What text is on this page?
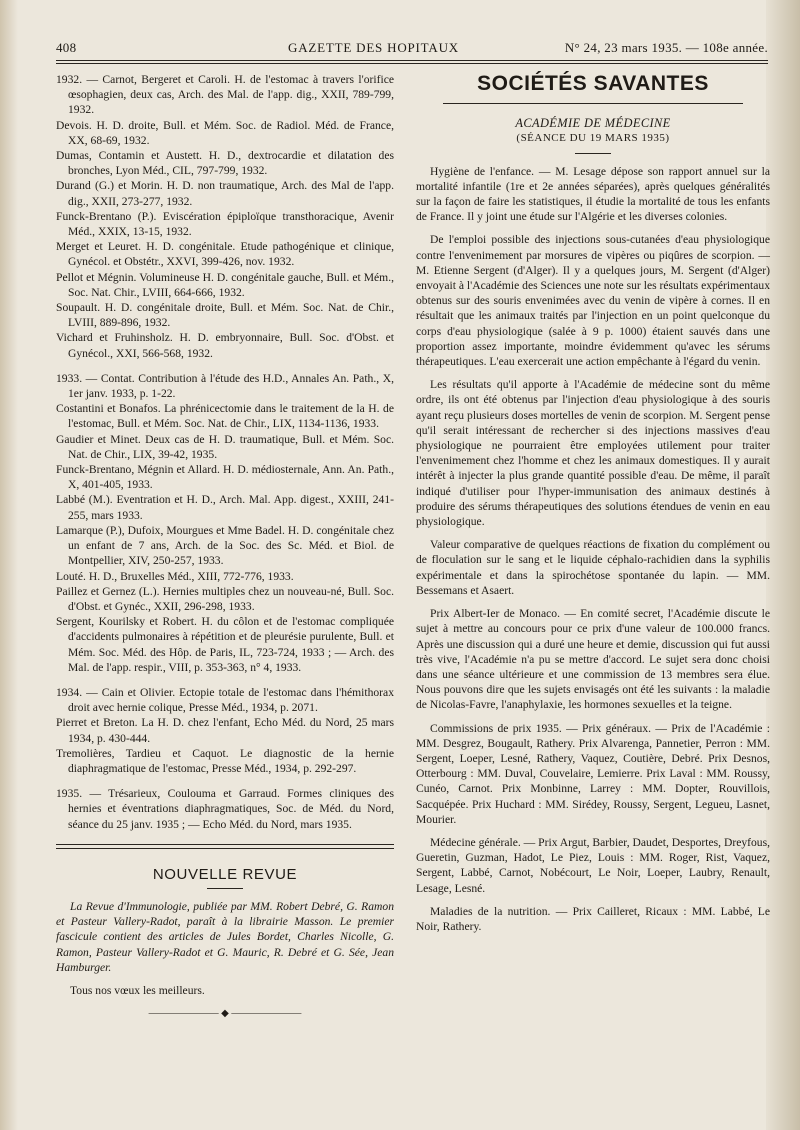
408	GAZETTE DES HOPITAUX	N° 24, 23 mars 1935. — 108e année.

1932. — Carnot, Bergeret et Caroli. H. de l'estomac à travers l'orifice œsophagien, deux cas, Arch. des Mal. de l'app. dig., XXII, 789-799, 1932.

Devois. H. D. droite, Bull. et Mém. Soc. de Radiol. Méd. de France, XX, 68-69, 1932.

Dumas, Contamin et Austett. H. D., dextrocardie et dilatation des bronches, Lyon Méd., CIL, 797-799, 1932.

Durand (G.) et Morin. H. D. non traumatique, Arch. des Mal de l'app. dig., XXII, 273-277, 1932.

Funck-Brentano (P.). Eviscération épiploïque transthoracique, Avenir Méd., XXIX, 13-15, 1932.

Merget et Leuret. H. D. congénitale. Etude pathogénique et clinique, Gynécol. et Obstétr., XXVI, 399-426, nov. 1932.

Pellot et Mégnin. Volumineuse H. D. congénitale gauche, Bull. et Mém., Soc. Nat. Chir., LVIII, 664-666, 1932.

Soupault. H. D. congénitale droite, Bull. et Mém. Soc. Nat. de Chir., LVIII, 889-896, 1932.

Vichard et Fruhinsholz. H. D. embryonnaire, Bull. Soc. d'Obst. et Gynécol., XXI, 566-568, 1932.

1933. — Contat. Contribution à l'étude des H.D., Annales An. Path., X, 1er janv. 1933, p. 1-22.

Costantini et Bonafos. La phrénicectomie dans le traitement de la H. de l'estomac, Bull. et Mém. Soc. Nat. de Chir., LIX, 1134-1136, 1933.

Gaudier et Minet. Deux cas de H. D. traumatique, Bull. et Mém. Soc. Nat. de Chir., LIX, 39-42, 1935.

Funck-Brentano, Mégnin et Allard. H. D. médiosternale, Ann. An. Path., X, 401-405, 1933.

Labbé (M.). Eventration et H. D., Arch. Mal. App. digest., XXIII, 241-255, mars 1933.

Lamarque (P.), Dufoix, Mourgues et Mme Badel. H. D. congénitale chez un enfant de 7 ans, Arch. de la Soc. des Sc. Méd. et Biol. de Montpellier, XIV, 250-257, 1933.

Louté. H. D., Bruxelles Méd., XIII, 772-776, 1933.

Paillez et Gernez (L.). Hernies multiples chez un nouveau-né, Bull. Soc. d'Obst. et Gynéc., XXII, 296-298, 1933.

Sergent, Kourilsky et Robert. H. du côlon et de l'estomac compliquée d'accidents pulmonaires à répétition et de pleurésie purulente, Bull. et Mém. Soc. Méd. des Hôp. de Paris, IL, 723-724, 1933 ; — Arch. des Mal. de l'app. respir., VIII, p. 353-363, n° 4, 1933.

1934. — Cain et Olivier. Ectopie totale de l'estomac dans l'hémithorax droit avec hernie colique, Presse Méd., 1934, p. 2071.

Pierret et Breton. La H. D. chez l'enfant, Echo Méd. du Nord, 25 mars 1934, p. 430-444.

Tremolières, Tardieu et Caquot. Le diagnostic de la hernie diaphragmatique de l'estomac, Presse Méd., 1934, p. 292-297.

1935. — Trésarieux, Coulouma et Garraud. Formes cliniques des hernies et éventrations diaphragmatiques, Soc. de Méd. du Nord, séance du 25 janv. 1935 ; — Echo Méd. du Nord, mars 1935.

NOUVELLE REVUE

La Revue d'Immunologie, publiée par MM. Robert Debré, G. Ramon et Pasteur Vallery-Radot, paraît à la librairie Masson. Le premier fascicule contient des articles de Jules Bordet, Charles Nicolle, G. Ramon, Pasteur Vallery-Radot et G. Mauric, R. Debré et G. Sée, Jean Hamburger.

Tous nos vœux les meilleurs.

——————— ◆ ———————
SOCIÉTÉS SAVANTES
ACADÉMIE DE MÉDECINE
(SÉANCE DU 19 MARS 1935)

Hygiène de l'enfance. — M. Lesage dépose son rapport annuel sur la mortalité infantile (1re et 2e années séparées), après quelques généralités sur la façon de faire les statistiques, il étudie la mortalité de tous les enfants de France. Il y joint une étude sur l'Algérie et les diverses colonies.

De l'emploi possible des injections sous-cutanées d'eau physiologique contre l'envenimement par morsures de vipères ou piqûres de scorpion. — M. Etienne Sergent (d'Alger). Il y a quelques jours, M. Sergent (d'Alger) envoyait à l'Académie des Sciences une note sur les résultats expérimentaux obtenus sur des souris envenimées avec du venin de vipère à cornes. Il en résultait que les animaux traités par l'injection en un point quelconque du corps d'eau physiologique (salée à 9 p. 1000) étaient sauvés dans une proportion assez importante, moindre évidemment qu'avec les sérums thérapeutiques. L'eau exercerait une action empêchante à l'égard du venin.

Les résultats qu'il apporte à l'Académie de médecine sont du même ordre, ils ont été obtenus par l'injection d'eau physiologique à des souris ayant reçu plusieurs doses mortelles de venin de scorpion. M. Sergent pense qu'il serait intéressant de rechercher si des injections massives d'eau physiologique ne pourraient être employées utilement pour traiter l'envenimement chez l'homme et chez les animaux domestiques. Il y aurait intérêt à injecter la plus grande quantité possible d'eau. De même, il paraît indiqué d'utiliser pour l'hyper-immunisation des animaux destinés à produire des sérums thérapeutiques des solutions étendues de venin en eau physiologique.

Valeur comparative de quelques réactions de fixation du complément ou de floculation sur le sang et le liquide céphalo-rachidien dans la syphilis expérimentale et dans la spirochétose spontanée du lapin. — MM. Bessemans et Asaert.

Prix Albert-Ier de Monaco. — En comité secret, l'Académie discute le sujet à mettre au concours pour ce prix d'une valeur de 100.000 francs. Après une discussion qui a duré une heure et demie, discussion qui fut aussi très vive, l'Académie n'a pu se mettre d'accord. Le sujet sera donc choisi dans une séance ultérieure et une commission de 13 membres sera élue. Nous pouvons dire que les sujets envisagés ont été les suivants : la maladie de Nicolas-Favre, l'anaphylaxie, les hormones sexuelles et la teigne.

Commissions de prix 1935. — Prix généraux. — Prix de l'Académie : MM. Desgrez, Bougault, Rathery. Prix Alvarenga, Pannetier, Perron : MM. Sergent, Loeper, Lesné, Rathery, Vaquez, Coutière, Debré. Prix Desnos, Otterbourg : MM. Duval, Couvelaire, Lemierre. Prix Laval : MM. Roussy, Cunéo, Carnot. Prix Monbinne, Larrey : MM. Dopter, Rouvillois, Sacquépée. Prix Huchard : MM. Sirédey, Roussy, Sergent, Legueu, Lasnet, Mourier.

Médecine générale. — Prix Argut, Barbier, Daudet, Desportes, Dreyfous, Gueretin, Guzman, Hadot, Le Piez, Louis : MM. Roger, Rist, Vaquez, Sergent, Labbé, Carnot, Nobécourt, Le Noir, Loeper, Laubry, Renault, Lesage, Lesné.

Maladies de la nutrition. — Prix Cailleret, Ricaux : MM. Labbé, Le Noir, Rathery.
